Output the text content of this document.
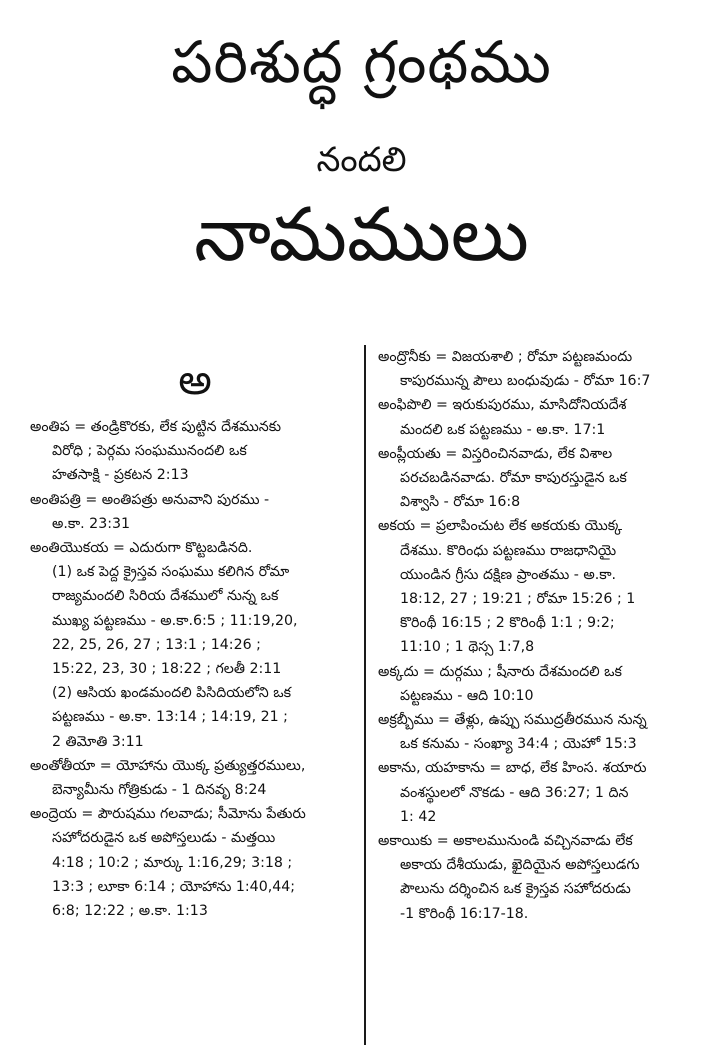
పరిశుద్ధ గ్రంథము
నందలి
నామములు
అ

అంతిప = తండ్రికొరకు, లేక పుట్టిన దేశమునకు
విరోధి ; పెర్గమ సంఘమునందలి ఒక
హతసాక్షి - ప్రకటన 2:13

అంతిపత్రి = అంతిపత్రు అనువాని పురము -
అ.కా. 23:31

అంతియొకయ = ఎదురుగా కొట్టబడినది.
(1) ఒక పెద్ద క్రైస్తవ సంఘము కలిగిన రోమా
రాజ్యమందలి సిరియ దేశములో నున్న ఒక
ముఖ్య పట్టణము - అ.కా.6:5 ; 11:19,20,
22, 25, 26, 27 ; 13:1 ; 14:26 ;
15:22, 23, 30 ; 18:22 ; గలతీ 2:11
(2) ఆసియ ఖండమందలి పిసిదియలోని ఒక
పట్టణము - అ.కా. 13:14 ; 14:19, 21 ;
2 తిమోతి 3:11

అంతోతీయా = యోహాను యొక్క ప్రత్యుత్తరములు,
బెన్యామీను గోత్రికుడు - 1 దినవృ 8:24

అంద్రెయ = పౌరుషము గలవాడు; సీమోను పేతురు
సహోదరుడైన ఒక అపోస్తలుడు - మత్తయి
4:18 ; 10:2 ; మార్కు 1:16,29; 3:18 ;
13:3 ; లూకా 6:14 ; యోహాను 1:40,44;
6:8; 12:22 ; అ.కా. 1:13

అంద్రొనీకు = విజయశాలి ; రోమా పట్టణమందు
కాపురమున్న పౌలు బంధువుడు - రోమా 16:7

అంఫిపొలి = ఇరుకుపురము, మాసిదోనియదేశ
మందలి ఒక పట్టణము - అ.కా. 17:1

అంప్లీయతు = విస్తరించినవాడు, లేక విశాల
పరచబడినవాడు. రోమా కాపురస్తుడైన ఒక
విశ్వాసి - రోమా 16:8

అకయ = ప్రలాపించుట లేక అకయకు యొక్క
దేశము. కొరింధు పట్టణము రాజధానియై
యుండిన గ్రీసు దక్షిణ ప్రాంతము - అ.కా.
18:12, 27 ; 19:21 ; రోమా 15:26 ; 1
కొరింథీ 16:15 ; 2 కొరింథీ 1:1 ; 9:2;
11:10 ; 1 థెస్స 1:7,8

అక్కదు = దుర్గము ; షీనారు దేశమందలి ఒక
పట్టణము - ఆది 10:10

అక్రబ్బీము = తేళ్లు, ఉప్పు సముద్రతీరమున నున్న
ఒక కనుమ - సంఖ్యా 34:4 ; యెహో 15:3

అకాను, యహకాను = బాధ, లేక హింస. శయారు
వంశస్థులలో నొకడు - ఆది 36:27; 1 దిన
1: 42

అకాయికు = అకాలమునుండి వచ్చినవాడు లేక
అకాయ దేశీయుడు, ఖైదియైన అపోస్తలుడగు
పౌలును దర్శించిన ఒక క్రైస్తవ సహోదరుడు
-1 కొరింథీ 16:17-18.
